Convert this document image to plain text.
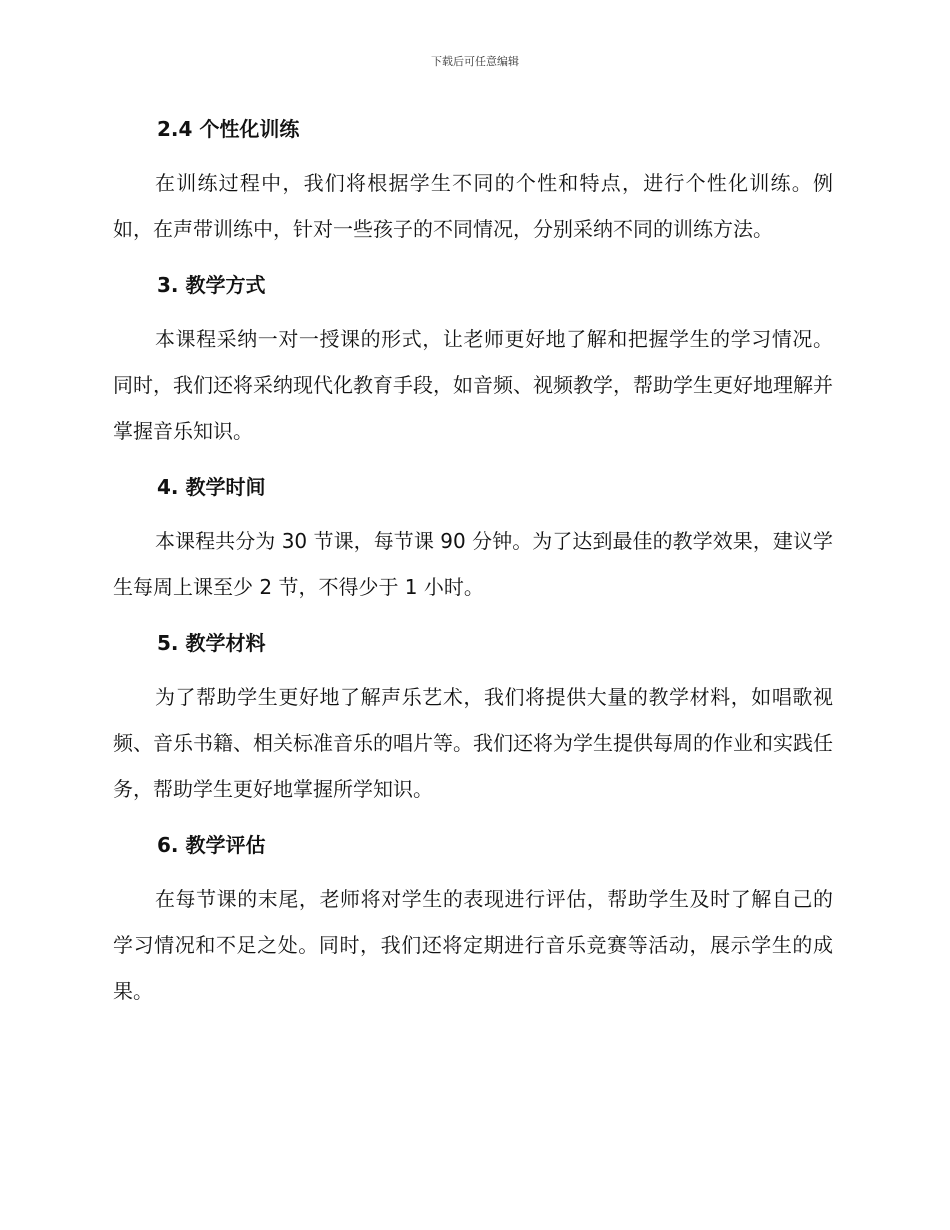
下载后可任意编辑
2.4 个性化训练

在训练过程中，我们将根据学生不同的个性和特点，进行个性化训练。例如，在声带训练中，针对一些孩子的不同情况，分别采纳不同的训练方法。

3. 教学方式

本课程采纳一对一授课的形式，让老师更好地了解和把握学生的学习情况。同时，我们还将采纳现代化教育手段，如音频、视频教学，帮助学生更好地理解并掌握音乐知识。

4. 教学时间

本课程共分为 30 节课，每节课 90 分钟。为了达到最佳的教学效果，建议学生每周上课至少 2 节，不得少于 1 小时。

5. 教学材料

为了帮助学生更好地了解声乐艺术，我们将提供大量的教学材料，如唱歌视频、音乐书籍、相关标准音乐的唱片等。我们还将为学生提供每周的作业和实践任务，帮助学生更好地掌握所学知识。

6. 教学评估

在每节课的末尾，老师将对学生的表现进行评估，帮助学生及时了解自己的学习情况和不足之处。同时，我们还将定期进行音乐竞赛等活动，展示学生的成果。
